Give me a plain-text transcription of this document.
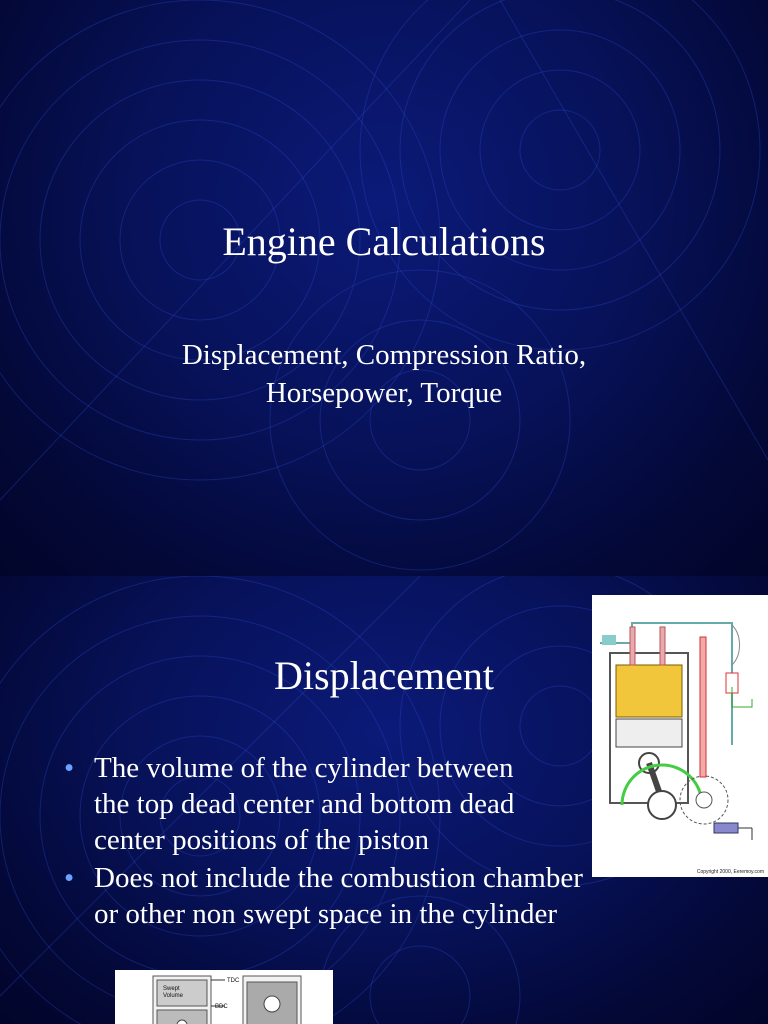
Engine Calculations
Displacement, Compression Ratio,
Horsepower, Torque
Displacement
• The volume of the cylinder between
the top dead center and bottom dead
center positions of the piston
• Does not include the combustion chamber
or other non swept space in the cylinder
Copyright 2000, Eeremoy.com
TDC
BDC
Swept
Volume
